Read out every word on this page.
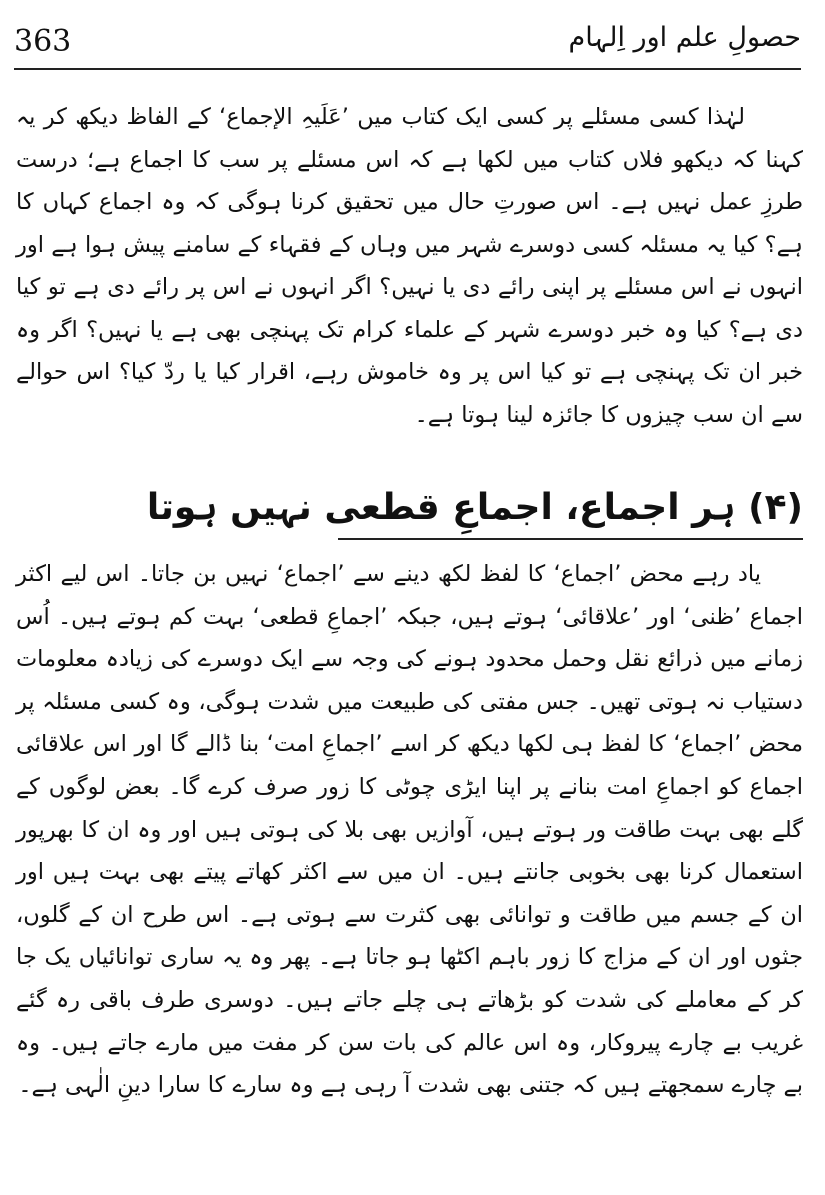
363	حصولِ علم اور اِلہام

لہٰذا کسی مسئلے پر کسی ایک کتاب میں ’عَلَیہِ الإجماع‘ کے الفاظ دیکھ کر یہ کہنا کہ دیکھو فلاں کتاب میں لکھا ہے کہ اس مسئلے پر سب کا اجماع ہے؛ درست طرزِ عمل نہیں ہے۔ اس صورتِ حال میں تحقیق کرنا ہوگی کہ وہ اجماع کہاں کا ہے؟ کیا یہ مسئلہ کسی دوسرے شہر میں وہاں کے فقہاء کے سامنے پیش ہوا ہے اور انہوں نے اس مسئلے پر اپنی رائے دی یا نہیں؟ اگر انہوں نے اس پر رائے دی ہے تو کیا دی ہے؟ کیا وہ خبر دوسرے شہر کے علماء کرام تک پہنچی بھی ہے یا نہیں؟ اگر وہ خبر ان تک پہنچی ہے تو کیا اس پر وہ خاموش رہے، اقرار کیا یا ردّ کیا؟ اس حوالے سے ان سب چیزوں کا جائزہ لینا ہوتا ہے۔

(۴) ہر اجماع، اجماعِ قطعی نہیں ہوتا

یاد رہے محض ’اجماع‘ کا لفظ لکھ دینے سے ’اجماع‘ نہیں بن جاتا۔ اس لیے اکثر اجماع ’ظنی‘ اور ’علاقائی‘ ہوتے ہیں، جبکہ ’اجماعِ قطعی‘ بہت کم ہوتے ہیں۔ اُس زمانے میں ذرائع نقل وحمل محدود ہونے کی وجہ سے ایک دوسرے کی زیادہ معلومات دستیاب نہ ہوتی تھیں۔ جس مفتی کی طبیعت میں شدت ہوگی، وہ کسی مسئلہ پر محض ’اجماع‘ کا لفظ ہی لکھا دیکھ کر اسے ’اجماعِ امت‘ بنا ڈالے گا اور اس علاقائی اجماع کو اجماعِ امت بنانے پر اپنا ایڑی چوٹی کا زور صرف کرے گا۔ بعض لوگوں کے گلے بھی بہت طاقت ور ہوتے ہیں، آوازیں بھی بلا کی ہوتی ہیں اور وہ ان کا بھرپور استعمال کرنا بھی بخوبی جانتے ہیں۔ ان میں سے اکثر کھاتے پیتے بھی بہت ہیں اور ان کے جسم میں طاقت و توانائی بھی کثرت سے ہوتی ہے۔ اس طرح ان کے گلوں، جثوں اور ان کے مزاج کا زور باہم اکٹھا ہو جاتا ہے۔ پھر وہ یہ ساری توانائیاں یک جا کر کے معاملے کی شدت کو بڑھاتے ہی چلے جاتے ہیں۔ دوسری طرف باقی رہ گئے غریب بے چارے پیروکار، وہ اس عالم کی بات سن کر مفت میں مارے جاتے ہیں۔ وہ بے چارے سمجھتے ہیں کہ جتنی بھی شدت آ رہی ہے وہ سارے کا سارا دینِ الٰہی ہے۔
